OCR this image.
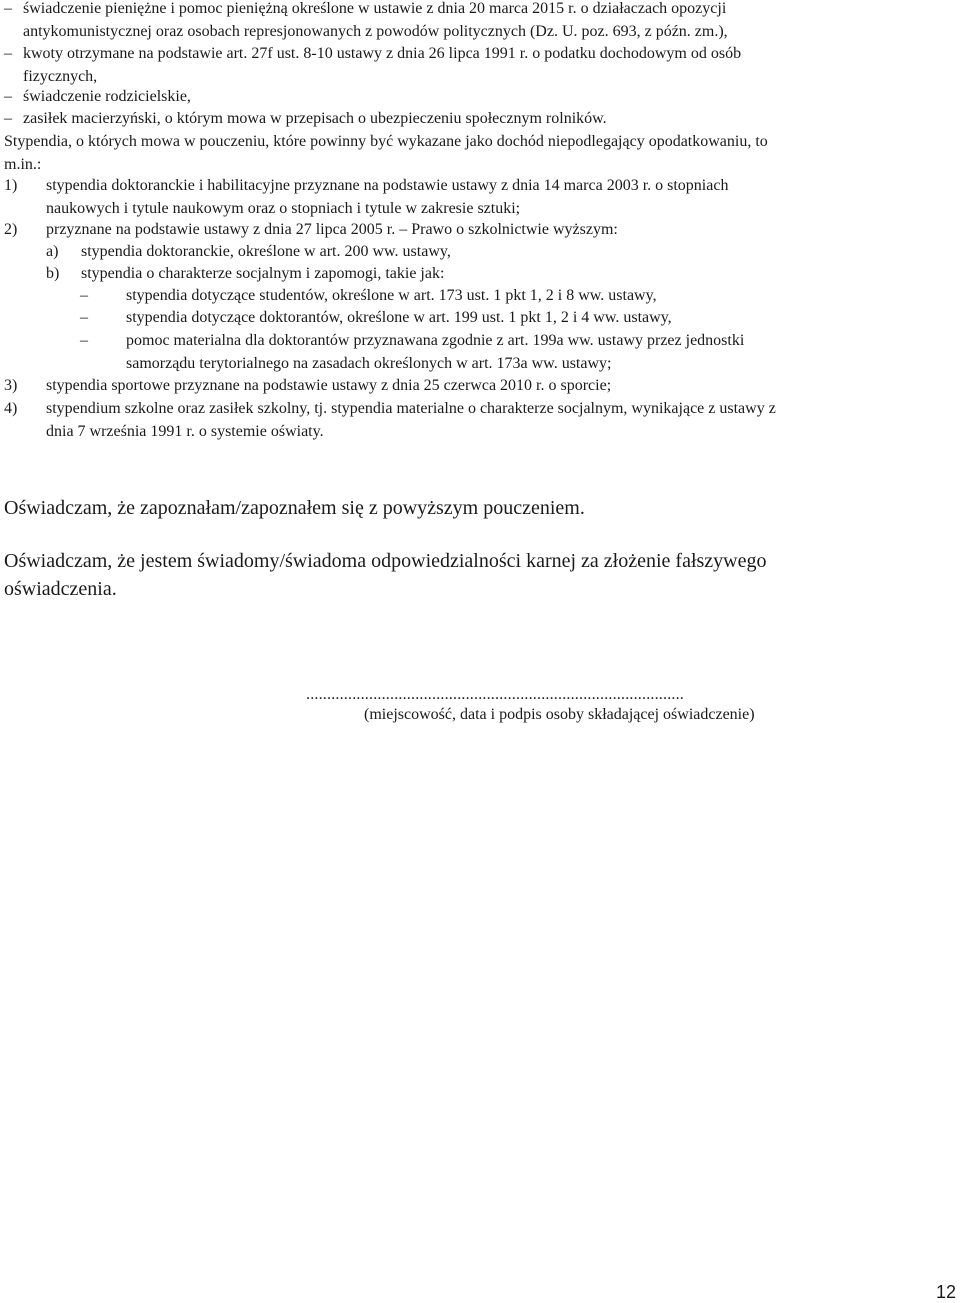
– świadczenie pieniężne i pomoc pieniężną określone w ustawie z dnia 20 marca 2015 r. o działaczach opozycji
antykomunistycznej oraz osobach represjonowanych z powodów politycznych (Dz. U. poz. 693, z późn. zm.),
– kwoty otrzymane na podstawie art. 27f ust. 8-10 ustawy z dnia 26 lipca 1991 r. o podatku dochodowym od osób
fizycznych,
– świadczenie rodzicielskie,
– zasiłek macierzyński, o którym mowa w przepisach o ubezpieczeniu społecznym rolników.
Stypendia, o których mowa w pouczeniu, które powinny być wykazane jako dochód niepodlegający opodatkowaniu, to
m.in.:
1) stypendia doktoranckie i habilitacyjne przyznane na podstawie ustawy z dnia 14 marca 2003 r. o stopniach
naukowych i tytule naukowym oraz o stopniach i tytule w zakresie sztuki;
2) przyznane na podstawie ustawy z dnia 27 lipca 2005 r. – Prawo o szkolnictwie wyższym:
a) stypendia doktoranckie, określone w art. 200 ww. ustawy,
b) stypendia o charakterze socjalnym i zapomogi, takie jak:
– stypendia dotyczące studentów, określone w art. 173 ust. 1 pkt 1, 2 i 8 ww. ustawy,
– stypendia dotyczące doktorantów, określone w art. 199 ust. 1 pkt 1, 2 i 4 ww. ustawy,
– pomoc materialna dla doktorantów przyznawana zgodnie z art. 199a ww. ustawy przez jednostki
samorządu terytorialnego na zasadach określonych w art. 173a ww. ustawy;
3) stypendia sportowe przyznane na podstawie ustawy z dnia 25 czerwca 2010 r. o sporcie;
4) stypendium szkolne oraz zasiłek szkolny, tj. stypendia materialne o charakterze socjalnym, wynikające z ustawy z
dnia 7 września 1991 r. o systemie oświaty.
Oświadczam, że zapoznałam/zapoznałem się z powyższym pouczeniem.
Oświadczam, że jestem świadomy/świadoma odpowiedzialności karnej za złożenie fałszywego
oświadczenia.
..........................................................................................
(miejscowość, data i podpis osoby składającej oświadczenie)
12
